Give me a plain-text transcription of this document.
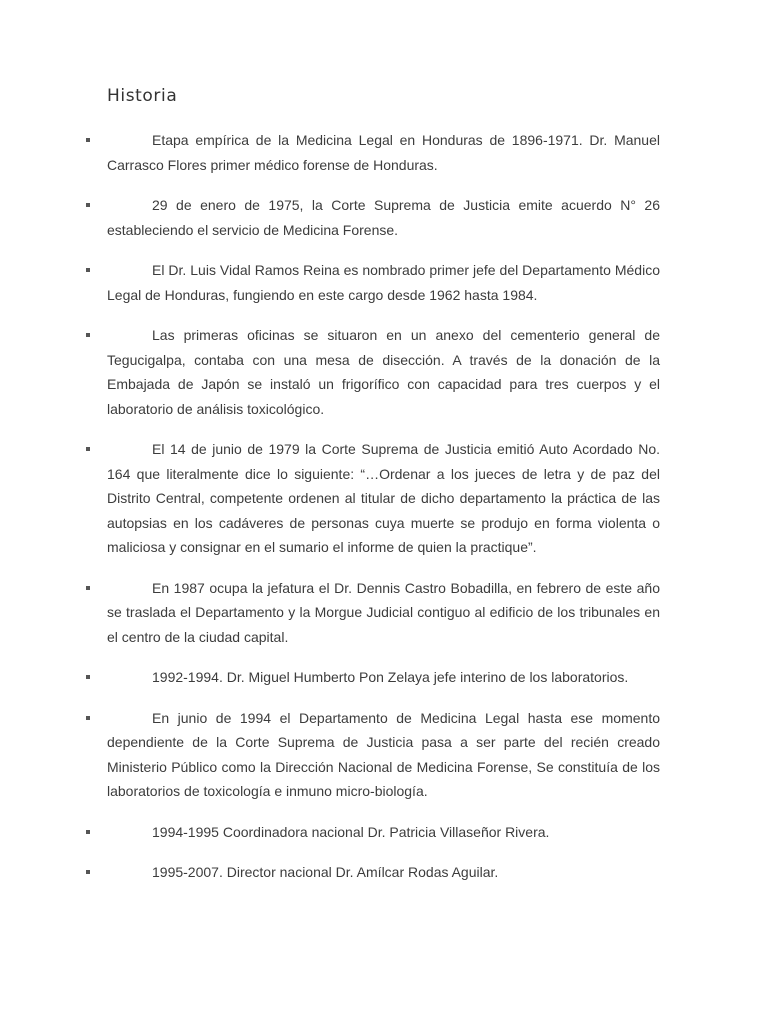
Historia

Etapa empírica de la Medicina Legal en Honduras de 1896-1971. Dr. Manuel Carrasco Flores primer médico forense de Honduras.

29 de enero de 1975, la Corte Suprema de Justicia emite acuerdo N° 26 estableciendo el servicio de Medicina Forense.

El Dr. Luis Vidal Ramos Reina es nombrado primer jefe del Departamento Médico Legal de Honduras, fungiendo en este cargo desde 1962 hasta 1984.

Las primeras oficinas se situaron en un anexo del cementerio general de Tegucigalpa, contaba con una mesa de disección. A través de la donación de la Embajada de Japón se instaló un frigorífico con capacidad para tres cuerpos y el laboratorio de análisis toxicológico.

El 14 de junio de 1979 la Corte Suprema de Justicia emitió Auto Acordado No. 164 que literalmente dice lo siguiente: “…Ordenar a los jueces de letra y de paz del Distrito Central, competente ordenen al titular de dicho departamento la práctica de las autopsias en los cadáveres de personas cuya muerte se produjo en forma violenta o maliciosa y consignar en el sumario el informe de quien la practique”.

En 1987 ocupa la jefatura el Dr. Dennis Castro Bobadilla, en febrero de este año se traslada el Departamento y la Morgue Judicial contiguo al edificio de los tribunales en el centro de la ciudad capital.

1992-1994. Dr. Miguel Humberto Pon Zelaya jefe interino de los laboratorios.

En junio de 1994 el Departamento de Medicina Legal hasta ese momento dependiente de la Corte Suprema de Justicia pasa a ser parte del recién creado Ministerio Público como la Dirección Nacional de Medicina Forense, Se constituía de los laboratorios de toxicología e inmuno micro-biología.

1994-1995 Coordinadora nacional Dr. Patricia Villaseñor Rivera.

1995-2007. Director nacional Dr. Amílcar Rodas Aguilar.
